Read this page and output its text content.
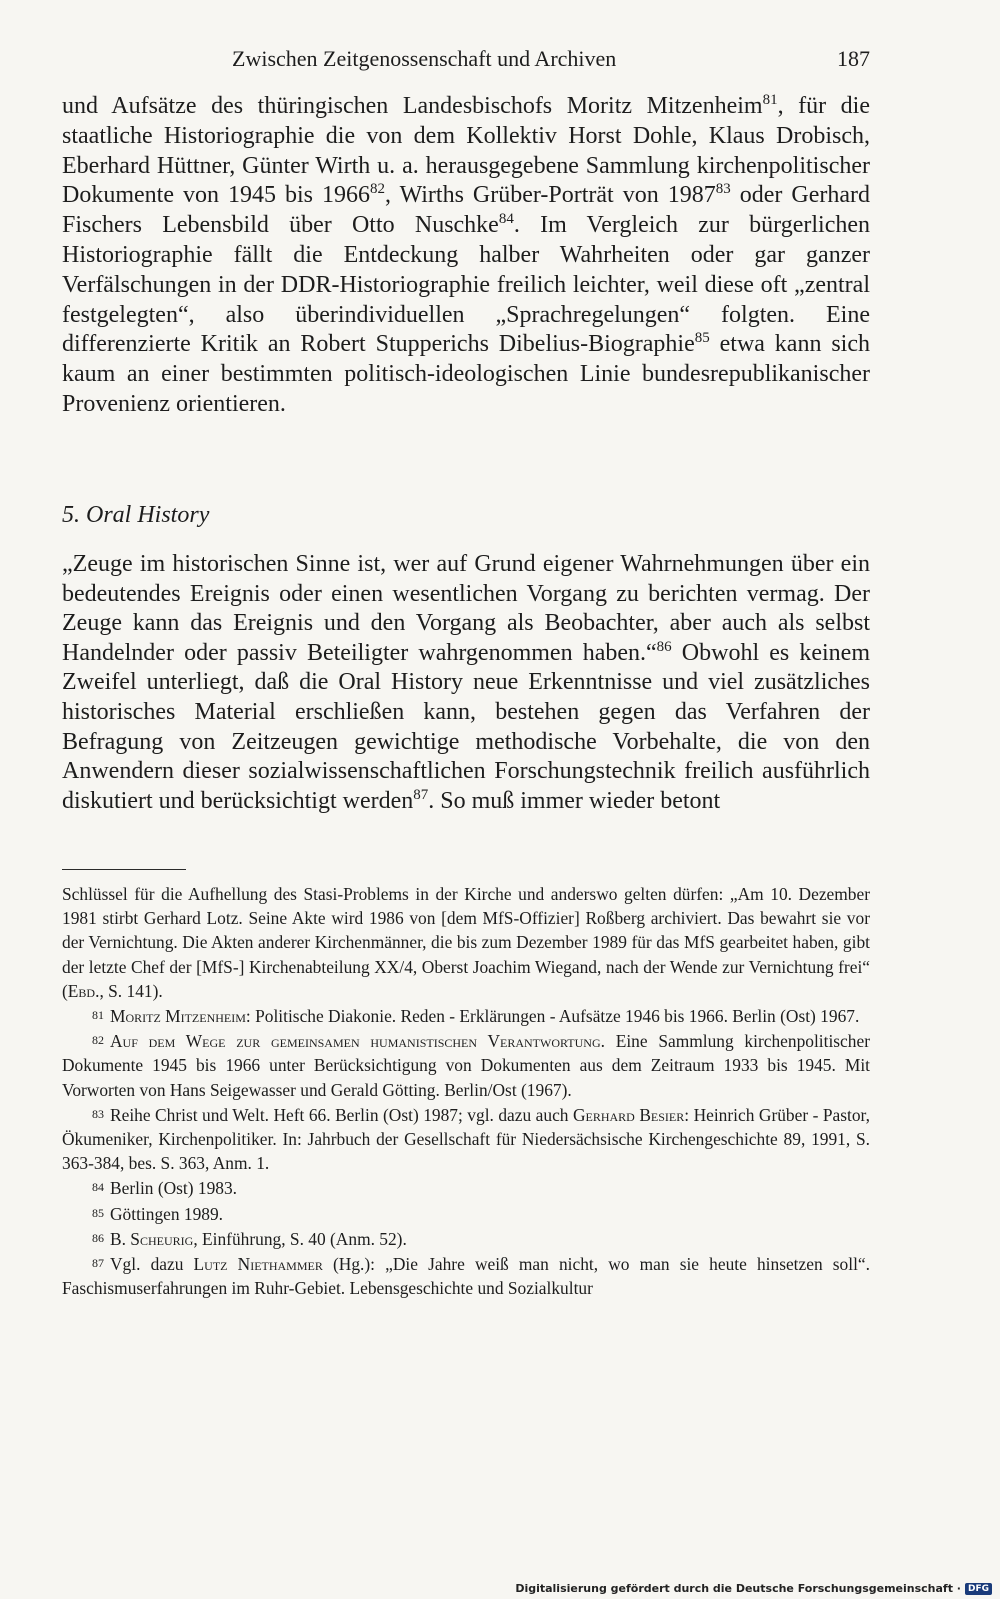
Zwischen Zeitgenossenschaft und Archiven	187

und Aufsätze des thüringischen Landesbischofs Moritz Mitzenheim$^{81}$, für die staatliche Historiographie die von dem Kollektiv Horst Dohle, Klaus Drobisch, Eberhard Hüttner, Günter Wirth u. a. herausgegebene Sammlung kirchenpolitischer Dokumente von 1945 bis 1966$^{82}$, Wirths Grüber-Porträt von 1987$^{83}$ oder Gerhard Fischers Lebensbild über Otto Nuschke$^{84}$. Im Vergleich zur bürgerlichen Historiographie fällt die Entdeckung halber Wahrheiten oder gar ganzer Verfälschungen in der DDR-Historiographie freilich leichter, weil diese oft „zentral festgelegten“, also überindividuellen „Sprachregelungen“ folgten. Eine differenzierte Kritik an Robert Stupperichs Dibelius-Biographie$^{85}$ etwa kann sich kaum an einer bestimmten politisch-ideologischen Linie bundesrepublikanischer Provenienz orientieren.

5. Oral History

„Zeuge im historischen Sinne ist, wer auf Grund eigener Wahrnehmungen über ein bedeutendes Ereignis oder einen wesentlichen Vorgang zu berichten vermag. Der Zeuge kann das Ereignis und den Vorgang als Beobachter, aber auch als selbst Handelnder oder passiv Beteiligter wahrgenommen haben.“$^{86}$ Obwohl es keinem Zweifel unterliegt, daß die Oral History neue Erkenntnisse und viel zusätzliches historisches Material erschließen kann, bestehen gegen das Verfahren der Befragung von Zeitzeugen gewichtige methodische Vorbehalte, die von den Anwendern dieser sozialwissenschaftlichen Forschungstechnik freilich ausführlich diskutiert und berücksichtigt werden$^{87}$. So muß immer wieder betont

Schlüssel für die Aufhellung des Stasi-Problems in der Kirche und anderswo gelten dürfen: „Am 10. Dezember 1981 stirbt Gerhard Lotz. Seine Akte wird 1986 von [dem MfS-Offizier] Roßberg archiviert. Das bewahrt sie vor der Vernichtung. Die Akten anderer Kirchenmänner, die bis zum Dezember 1989 für das MfS gearbeitet haben, gibt der letzte Chef der [MfS-] Kirchenabteilung XX/4, Oberst Joachim Wiegand, nach der Wende zur Vernichtung frei“ (Ebd., S. 141).

81 Moritz Mitzenheim: Politische Diakonie. Reden - Erklärungen - Aufsätze 1946 bis 1966. Berlin (Ost) 1967.

82 Auf dem Wege zur gemeinsamen humanistischen Verantwortung. Eine Sammlung kirchenpolitischer Dokumente 1945 bis 1966 unter Berücksichtigung von Dokumenten aus dem Zeitraum 1933 bis 1945. Mit Vorworten von Hans Seigewasser und Gerald Götting. Berlin/Ost (1967).

83 Reihe Christ und Welt. Heft 66. Berlin (Ost) 1987; vgl. dazu auch Gerhard Besier: Heinrich Grüber - Pastor, Ökumeniker, Kirchenpolitiker. In: Jahrbuch der Gesellschaft für Niedersächsische Kirchengeschichte 89, 1991, S. 363-384, bes. S. 363, Anm. 1.

84 Berlin (Ost) 1983.

85 Göttingen 1989.

86 B. Scheurig, Einführung, S. 40 (Anm. 52).

87 Vgl. dazu Lutz Niethammer (Hg.): „Die Jahre weiß man nicht, wo man sie heute hinsetzen soll“. Faschismuserfahrungen im Ruhr-Gebiet. Lebensgeschichte und Sozialkultur

Digitalisierung gefördert durch die Deutsche Forschungsgemeinschaft · DFG
